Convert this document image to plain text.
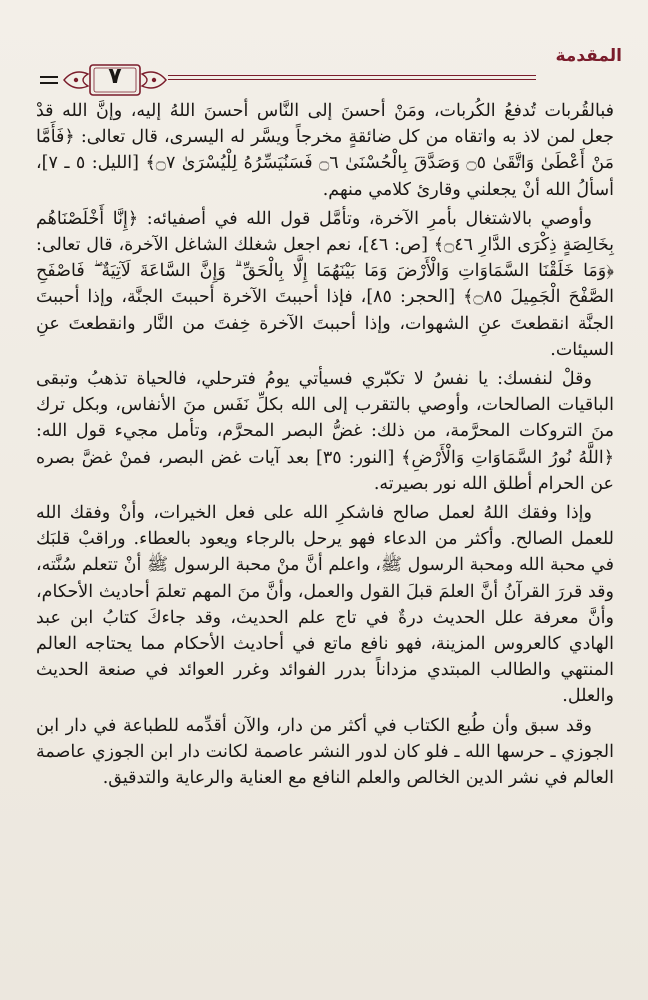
المقدمة
٧

فبالقُربات تُدفعُ الكُربات، ومَنْ أحسنَ إلى النَّاس أحسنَ اللهُ إليه، وإنَّ الله قدْ جعل لمن لاذ به واتقاه من كل ضائقةٍ مخرجاً ويسَّر له اليسرى، قال تعالى: ﴿فَأَمَّا مَنْ أَعْطَىٰ وَاتَّقَىٰ ۝٥ وَصَدَّقَ بِالْحُسْنَىٰ ۝٦ فَسَنُيَسِّرُهُ لِلْيُسْرَىٰ ۝٧﴾ [الليل: ٥ ـ ٧]، أسألُ الله أنْ يجعلني وقارئ كلامي منهم.

وأوصي بالاشتغال بأمرِ الآخرة، وتأمَّل قول الله في أصفيائه: ﴿إِنَّا أَخْلَصْنَاهُم بِخَالِصَةٍ ذِكْرَى الدَّارِ ۝٤٦﴾ [ص: ٤٦]، نعم اجعل شغلك الشاغل الآخرة، قال تعالى: ﴿وَمَا خَلَقْنَا السَّمَاوَاتِ وَالْأَرْضَ وَمَا بَيْنَهُمَا إِلَّا بِالْحَقِّ ۗ وَإِنَّ السَّاعَةَ لَآتِيَةٌ ۖ فَاصْفَحِ الصَّفْحَ الْجَمِيلَ ۝٨٥﴾ [الحجر: ٨٥]، فإذا أحببتَ الآخرة أحببتَ الجنَّة، وإذا أحببتَ الجنَّة انقطعتَ عنِ الشهوات، وإذا أحببتَ الآخرة خِفتَ من النَّار وانقطعتَ عنِ السيئات.

وقلْ لنفسك: يا نفسُ لا تكبّري فسيأتي يومُ فترحلي، فالحياة تذهبُ وتبقى الباقيات الصالحات، وأوصي بالتقرب إلى الله بكلِّ نَفَس منَ الأنفاس، وبكل ترك منَ التروكات المحرَّمة، من ذلك: غضُّ البصر المحرَّم، وتأمل مجيء قول الله: ﴿اللَّهُ نُورُ السَّمَاوَاتِ وَالْأَرْضِ﴾ [النور: ٣٥] بعد آيات غض البصر، فمنْ غضَّ بصره عن الحرام أطلق الله نور بصيرته.

وإذا وفقك اللهُ لعمل صالح فاشكرِ الله على فعل الخيرات، وأنْ وفقك الله للعمل الصالح. وأكثر من الدعاء فهو يرحل بالرجاء ويعود بالعطاء. وراقبْ قلبَك في محبة الله ومحبة الرسول ﷺ، واعلم أنَّ منْ محبة الرسول ﷺ أنْ تتعلم سُنَّته، وقد قررَ القرآنُ أنَّ العلمَ قبلَ القول والعمل، وأنَّ منَ المهم تعلمَ أحاديث الأحكام، وأنَّ معرفة علل الحديث درةٌ في تاج علم الحديث، وقد جاءكَ كتابُ ابن عبد الهادي كالعروس المزينة، فهو نافع ماتع في أحاديث الأحكام مما يحتاجه العالم المنتهي والطالب المبتدي مزداناً بدرر الفوائد وغرر العوائد في صنعة الحديث والعلل.

وقد سبق وأن طُبع الكتاب في أكثر من دار، والآن أقدِّمه للطباعة في دار ابن الجوزي ـ حرسها الله ـ فلو كان لدور النشر عاصمة لكانت دار ابن الجوزي عاصمة العالم في نشر الدين الخالص والعلم النافع مع العناية والرعاية والتدقيق.
